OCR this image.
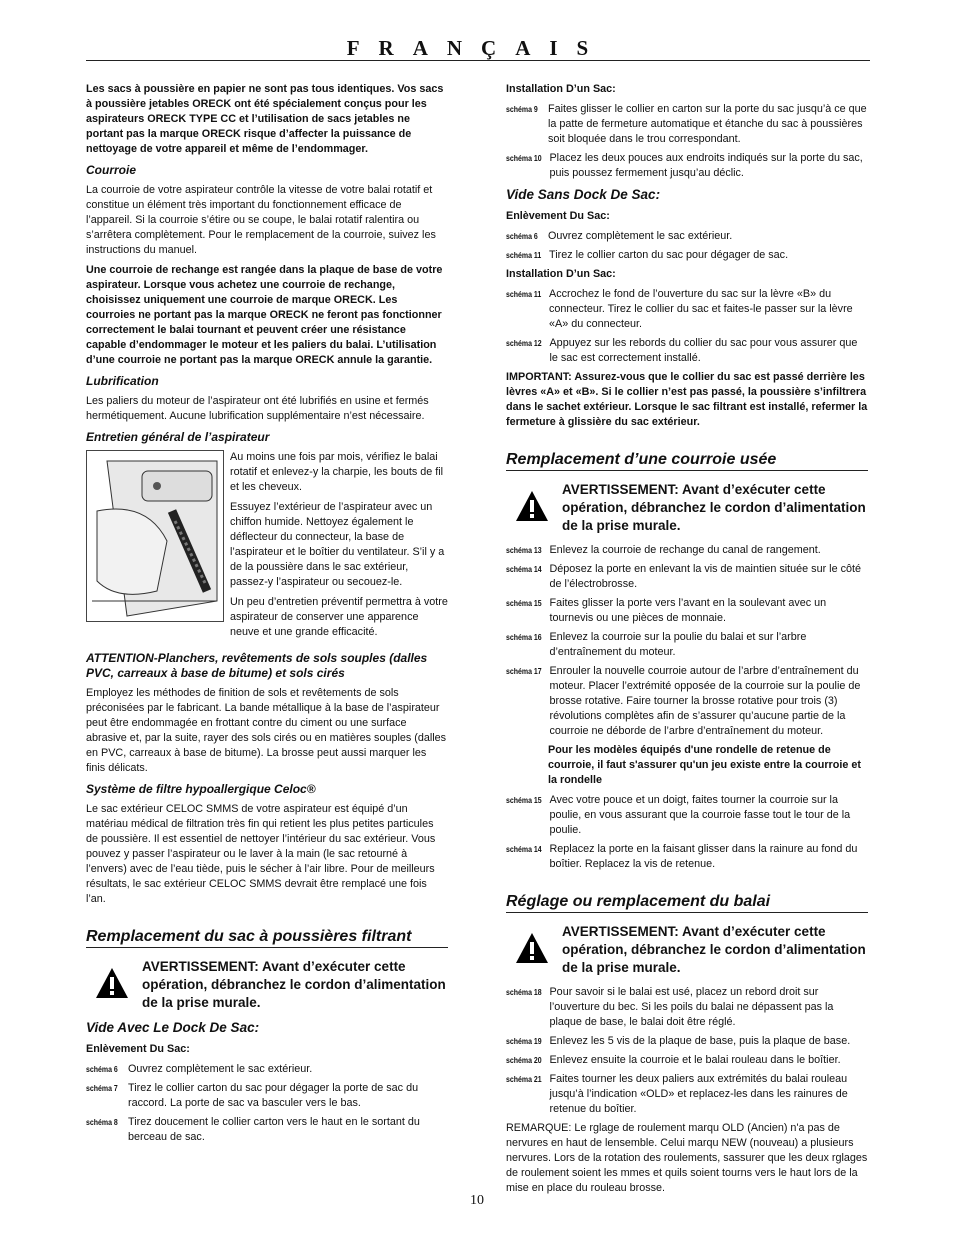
FRANÇAIS

Les sacs à poussière en papier ne sont pas tous identiques. Vos sacs à poussière jetables ORECK ont été spécialement conçus pour les aspirateurs ORECK TYPE CC et l’utilisation de sacs jetables ne portant pas la marque ORECK risque d’affecter la puissance de nettoyage de votre appareil et même de l’endommager.

Courroie

La courroie de votre aspirateur contrôle la vitesse de votre balai rotatif et constitue un élément très important du fonctionnement efficace de l’appareil. Si la courroie s’étire ou se coupe, le balai rotatif ralentira ou s’arrêtera complètement. Pour le remplacement de la courroie, suivez les instructions du manuel.

Une courroie de rechange est rangée dans la plaque de base de votre aspirateur. Lorsque vous achetez une courroie de rechange, choisissez uniquement une courroie de marque ORECK. Les courroies ne portant pas la marque ORECK ne feront pas fonctionner correctement le balai tournant et peuvent créer une résistance capable d’endommager le moteur et les paliers du balai. L’utilisation d’une courroie ne portant pas la marque ORECK annule la garantie.

Lubrification

Les paliers du moteur de l’aspirateur ont été lubrifiés en usine et fermés hermétiquement. Aucune lubrification supplémentaire n’est nécessaire.

Entretien général de l’aspirateur

Au moins une fois par mois, vérifiez le balai rotatif et enlevez-y la charpie, les bouts de fil et les cheveux.

Essuyez l’extérieur de l’aspirateur avec un chiffon humide. Nettoyez également le déflecteur du connecteur, la base de l’aspirateur et le boîtier du ventilateur. S’il y a de la poussière dans le sac extérieur, passez-y l’aspirateur ou secouez-le.

Un peu d’entretien préventif permettra à votre aspirateur de conserver une apparence neuve et une grande efficacité.

ATTENTION-Planchers, revêtements de sols souples (dalles PVC, carreaux à base de bitume) et sols cirés

Employez les méthodes de finition de sols et revêtements de sols préconisées par le fabricant. La bande métallique à la base de l’aspirateur peut être endommagée en frottant contre du ciment ou une surface abrasive et, par la suite, rayer des sols cirés ou en matières souples (dalles en PVC, carreaux à base de bitume). La brosse peut aussi marquer les finis délicats.

Système de filtre hypoallergique Celoc®

Le sac extérieur CELOC SMMS de votre aspirateur est équipé d’un matériau médical de filtration très fin qui retient les plus petites particules de poussière. Il est essentiel de nettoyer l’intérieur du sac extérieur. Vous pouvez y passer l’aspirateur ou le laver à la main (le sac retourné à l’envers) avec de l’eau tiède, puis le sécher à l’air libre. Pour de meilleurs résultats, le sac extérieur CELOC SMMS devrait être remplacé une fois l’an.

Remplacement du sac à poussières filtrant
AVERTISSEMENT: Avant d’exécuter cette opération, débranchez le cordon d’alimentation de la prise murale.
Vide Avec Le Dock De Sac:
Enlèvement Du Sac:
schéma 6 Ouvrez complètement le sac extérieur.
schéma 7 Tirez le collier carton du sac pour dégager la porte de sac du raccord. La porte de sac va basculer vers le bas.
schéma 8 Tirez doucement le collier carton vers le haut en le sortant du berceau de sac.
Installation D’un Sac:
schéma 9 Faites glisser le collier en carton sur la porte du sac jusqu’à ce que la patte de fermeture automatique et étanche du sac à poussières soit bloquée dans le trou correspondant.
schéma 10 Placez les deux pouces aux endroits indiqués sur la porte du sac, puis poussez fermement jusqu’au déclic.
Vide Sans Dock De Sac:
Enlèvement Du Sac:
schéma 6 Ouvrez complètement le sac extérieur.
schéma 11 Tirez le collier carton du sac pour dégager de sac.
Installation D’un Sac:
schéma 11 Accrochez le fond de l’ouverture du sac sur la lèvre «B» du connecteur. Tirez le collier du sac et faites-le passer sur la lèvre «A» du connecteur.
schéma 12 Appuyez sur les rebords du collier du sac pour vous assurer que le sac est correctement installé.

IMPORTANT: Assurez-vous que le collier du sac est passé derrière les lèvres «A» et «B». Si le collier n’est pas passé, la poussière s’infiltrera dans le sachet extérieur. Lorsque le sac filtrant est installé, refermer la fermeture à glissière du sac extérieur.

Remplacement d’une courroie usée
AVERTISSEMENT: Avant d’exécuter cette opération, débranchez le cordon d’alimentation de la prise murale.
schéma 13 Enlevez la courroie de rechange du canal de rangement.
schéma 14 Déposez la porte en enlevant la vis de maintien située sur le côté de l’électrobrosse.
schéma 15 Faites glisser la porte vers l’avant en la soulevant avec un tournevis ou une pièces de monnaie.
schéma 16 Enlevez la courroie sur la poulie du balai et sur l’arbre d’entraînement du moteur.
schéma 17 Enrouler la nouvelle courroie autour de l’arbre d’entraînement du moteur. Placer l’extrémité opposée de la courroie sur la poulie de brosse rotative. Faire tourner la brosse rotative pour trois (3) révolutions complètes afin de s’assurer qu’aucune partie de la courroie ne déborde de l’arbre d’entraînement du moteur.

Pour les modèles équipés d'une rondelle de retenue de courroie, il faut s'assurer qu'un jeu existe entre la courroie et la rondelle

schéma 15 Avec votre pouce et un doigt, faites tourner la courroie sur la poulie, en vous assurant que la courroie fasse tout le tour de la poulie.
schéma 14 Replacez la porte en la faisant glisser dans la rainure au fond du boîtier. Replacez la vis de retenue.
Réglage ou remplacement du balai
AVERTISSEMENT: Avant d’exécuter cette opération, débranchez le cordon d’alimentation de la prise murale.
schéma 18 Pour savoir si le balai est usé, placez un rebord droit sur l’ouverture du bec. Si les poils du balai ne dépassent pas la plaque de base, le balai doit être réglé.
schéma 19 Enlevez les 5 vis de la plaque de base, puis la plaque de base.
schéma 20 Enlevez ensuite la courroie et le balai rouleau dans le boîtier.
schéma 21 Faites tourner les deux paliers aux extrémités du balai rouleau jusqu’à l’indication «OLD» et replacez-les dans les rainures de retenue du boîtier.

REMARQUE: Le rglage de roulement marqu OLD (Ancien) n'a pas de nervures en haut de lensemble. Celui marqu NEW (nouveau) a plusieurs nervures. Lors de la rotation des roulements, sassurer que les deux rglages de roulement soient les mmes et quils soient tourns vers le haut lors de la mise en place du rouleau brosse.

10
